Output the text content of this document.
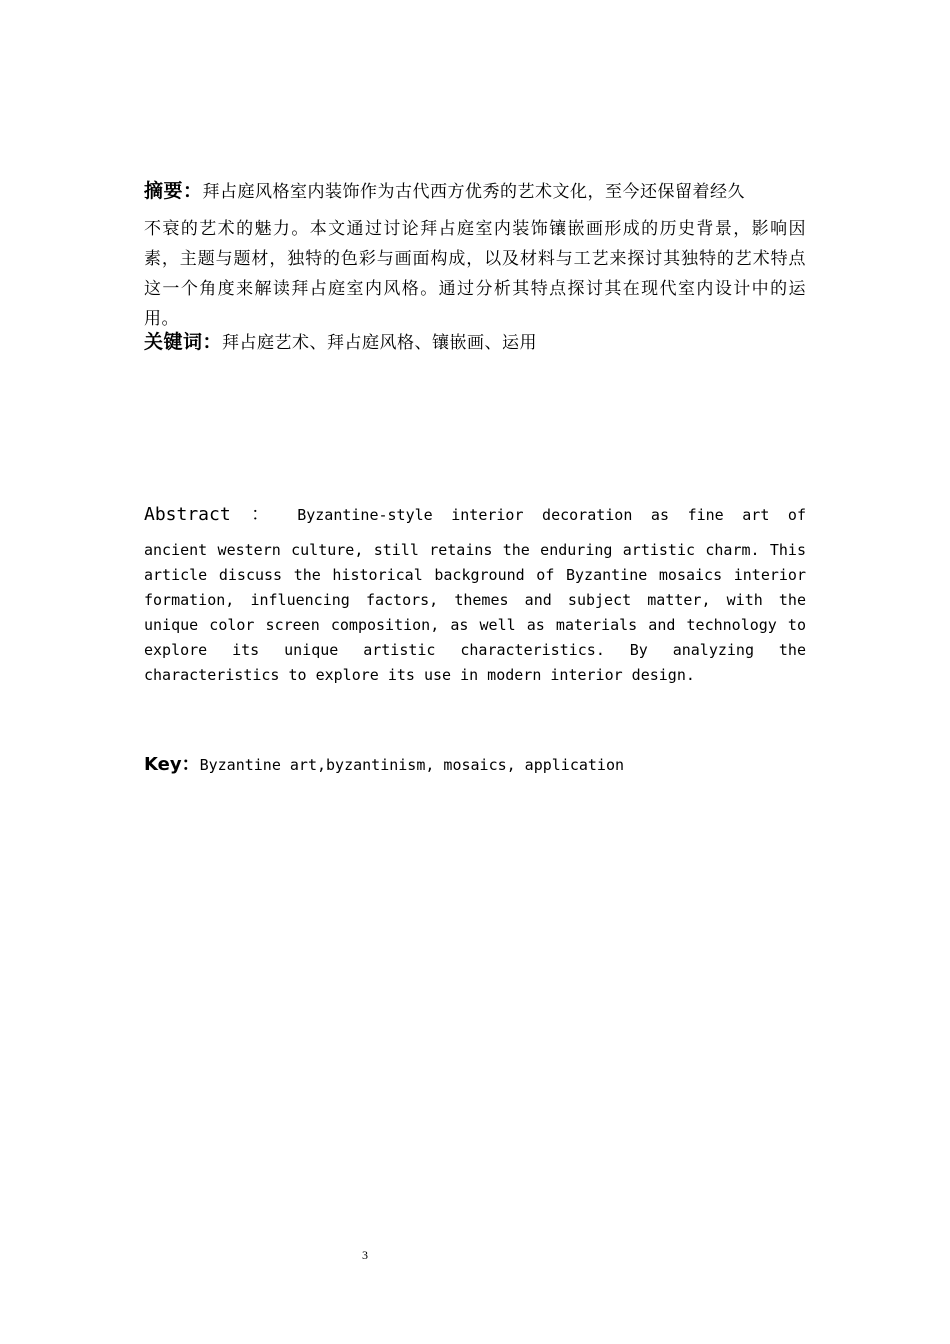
摘要：拜占庭风格室内装饰作为古代西方优秀的艺术文化，至今还保留着经久
不衰的艺术的魅力。本文通过讨论拜占庭室内装饰镶嵌画形成的历史背景，影响因素，主题与题材，独特的色彩与画面构成，以及材料与工艺来探讨其独特的艺术特点这一个角度来解读拜占庭室内风格。通过分析其特点探讨其在现代室内设计中的运用。
关键词：拜占庭艺术、拜占庭风格、镶嵌画、运用
Abstract ： Byzantine-style interior decoration as fine art of
ancient western culture, still retains the enduring artistic charm. This article discuss the historical background of Byzantine mosaics interior formation, influencing factors, themes and subject matter, with the unique color screen composition, as well as materials and technology to explore its unique artistic characteristics. By analyzing the characteristics to explore its use in modern interior design.
Key：Byzantine art,byzantinism, mosaics, application
3
